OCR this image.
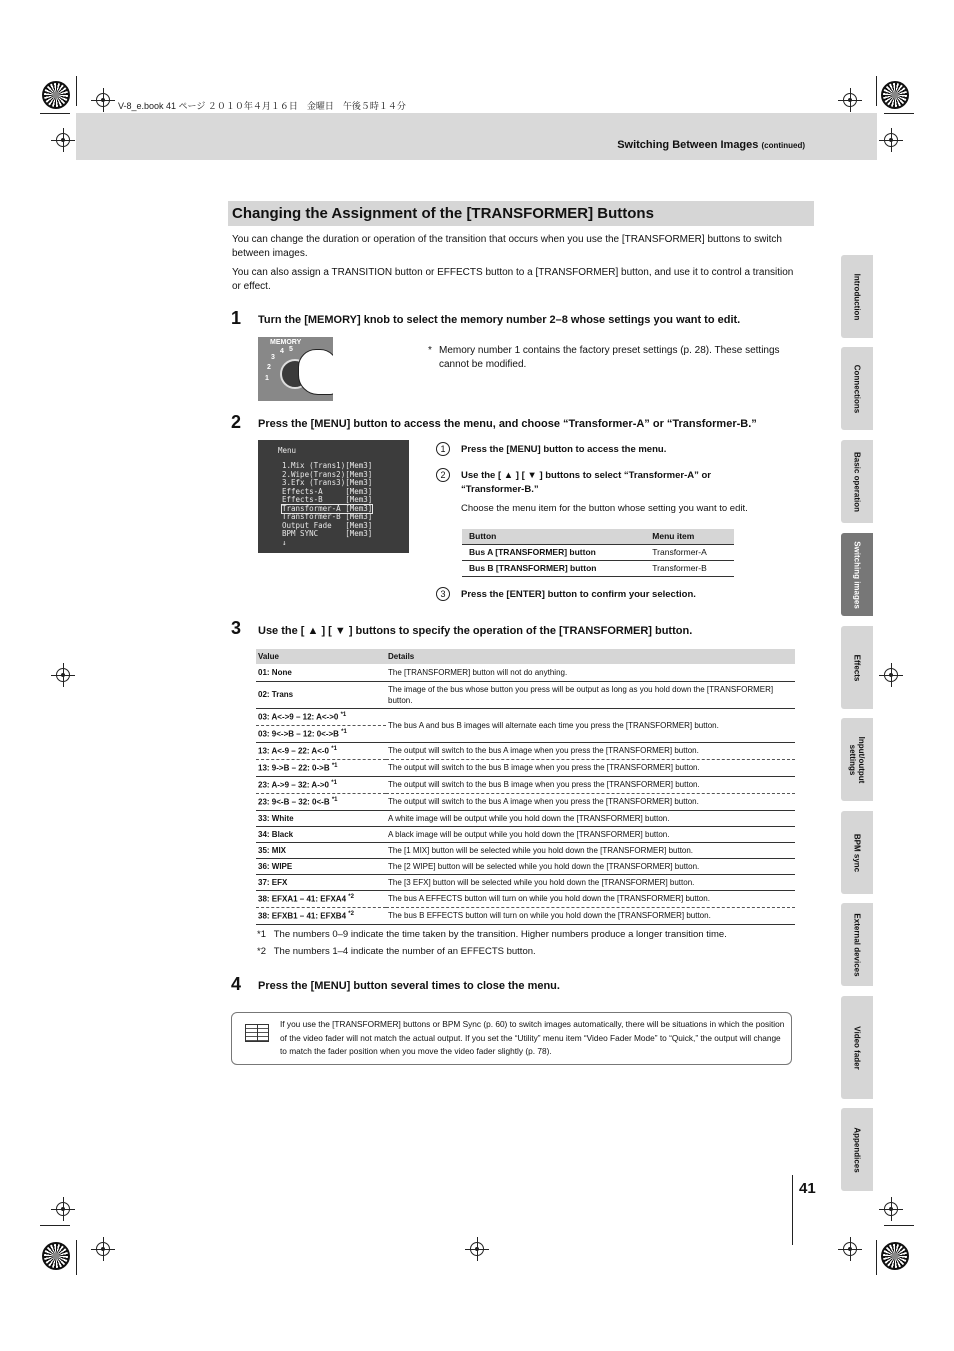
V-8_e.book 41 ページ ２０１０年４月１６日　金曜日　午後５時１４分
Switching Between Images (continued)
Changing the Assignment of the [TRANSFORMER] Buttons

You can change the duration or operation of the transition that occurs when you use the [TRANSFORMER] buttons to switch between images.

You can also assign a TRANSITION button or EFFECTS button to a [TRANSFORMER] button, and use it to control a transition or effect.

1 Turn the [MEMORY] knob to select the memory number 2–8 whose settings you want to edit.
MEMORY
1
2
3
4 5	* Memory number 1 contains the factory preset settings (p. 28). These settings cannot be modified.
2 Press the [MENU] button to access the menu, and choose “Transformer-A” or “Transformer-B.”
Menu
1.Mix (Trans1)[Mem3]
2.Wipe(Trans2)[Mem3]
3.Efx (Trans3)[Mem3]
Effects-A     [Mem3]
Effects-B     [Mem3]
Transformer-A [Mem3]
Transformer-B [Mem3]
Output Fade   [Mem3]
BPM SYNC      [Mem3]
↓
1	Press the [MENU] button to access the menu.
2	Use the [ ▲ ] [ ▼ ] buttons to select “Transformer-A” or
“Transformer-B.”
Choose the menu item for the button whose setting you want to edit.
Button	Menu item
Bus A [TRANSFORMER] button	Transformer-A
Bus B [TRANSFORMER] button	Transformer-B
3	Press the [ENTER] button to confirm your selection.
3 Use the [ ▲ ] [ ▼ ] buttons to specify the operation of the [TRANSFORMER] button.
Value	Details
01: None	The [TRANSFORMER] button will not do anything.
02: Trans	The image of the bus whose button you press will be output as long as you hold down the [TRANSFORMER] button.
03: A<->9 – 12: A<->0 $^{*1}$	The bus A and bus B images will alternate each time you press the [TRANSFORMER] button.
03: 9<->B – 12: 0<->B $^{*1}$
13: A<-9 – 22: A<-0 $^{*1}$	The output will switch to the bus A image when you press the [TRANSFORMER] button.
13: 9->B – 22: 0->B $^{*1}$	The output will switch to the bus B image when you press the [TRANSFORMER] button.
23: A->9 – 32: A->0 $^{*1}$	The output will switch to the bus B image when you press the [TRANSFORMER] button.
23: 9<-B – 32: 0<-B $^{*1}$	The output will switch to the bus A image when you press the [TRANSFORMER] button.
33: White	A white image will be output while you hold down the [TRANSFORMER] button.
34: Black	A black image will be output while you hold down the [TRANSFORMER] button.
35: MIX	The [1 MIX] button will be selected while you hold down the [TRANSFORMER] button.
36: WIPE	The [2 WIPE] button will be selected while you hold down the [TRANSFORMER] button.
37: EFX	The [3 EFX] button will be selected while you hold down the [TRANSFORMER] button.
38: EFXA1 – 41: EFXA4 $^{*2}$	The bus A EFFECTS button will turn on while you hold down the [TRANSFORMER] button.
38: EFXB1 – 41: EFXB4 $^{*2}$	The bus B EFFECTS button will turn on while you hold down the [TRANSFORMER] button.
*1 The numbers 0–9 indicate the time taken by the transition. Higher numbers produce a longer transition time.
*2 The numbers 1–4 indicate the number of an EFFECTS button.
4 Press the [MENU] button several times to close the menu.
If you use the [TRANSFORMER] buttons or BPM Sync (p. 60) to switch images automatically, there will be situations in which the position of the video fader will not match the actual output. If you set the “Utility” menu item “Video Fader Mode” to “Quick,” the output will change to match the fader position when you move the video fader slightly (p. 78).
Introduction
Connections
Basic operation
Switching images
Effects
Input/output settings
BPM sync
External devices
Video fader
Appendices
41
